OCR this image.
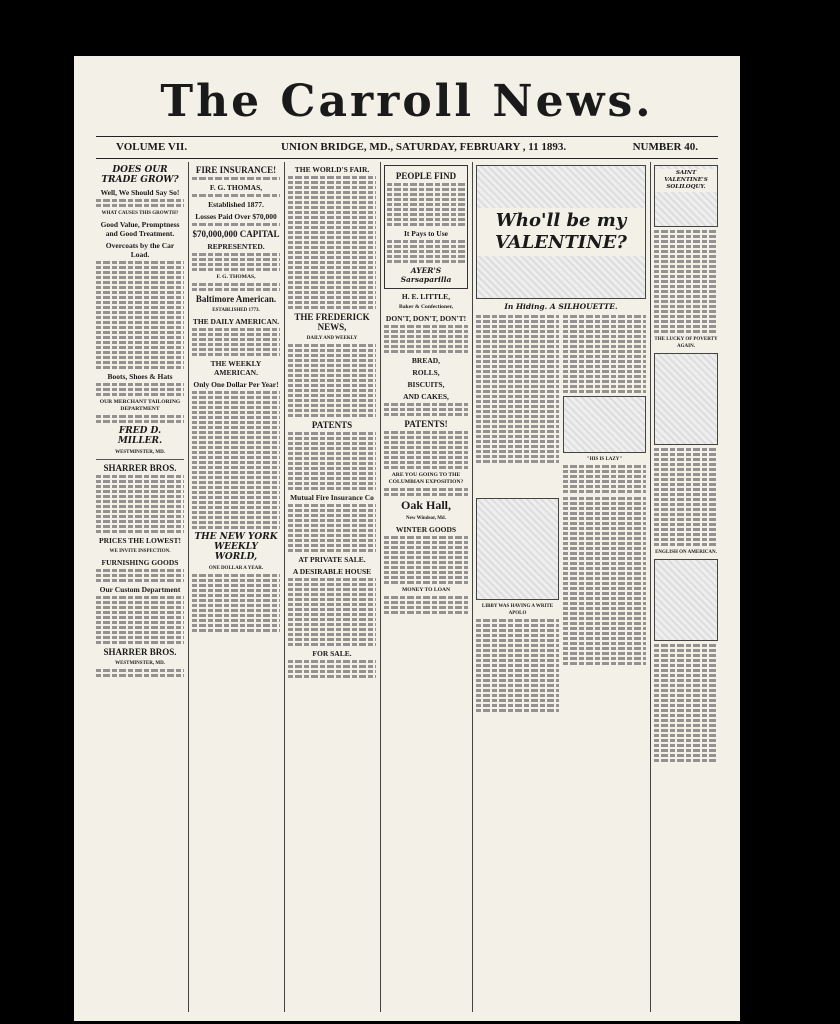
The Carroll News.
VOLUME VII.	UNION BRIDGE, MD., SATURDAY, FEBRUARY , 11 1893.	NUMBER 40.
DOES OUR TRADE GROW?
Well, We Should Say So!
WHAT CAUSES THIS GROWTH?
Good Value, Promptness and Good Treatment.
Overcoats by the Car Load.
Boots, Shoes & Hats
OUR MERCHANT TAILORING DEPARTMENT
FRED D. MILLER.
WESTMINSTER, MD.
SHARRER BROS.
PRICES THE LOWEST!
WE INVITE INSPECTION.
FURNISHING GOODS
Our Custom Department
SHARRER BROS.
WESTMINSTER, MD.
FIRE INSURANCE!
F. G. THOMAS,
Established 1877.
Losses Paid Over $70,000
$70,000,000 CAPITAL
REPRESENTED.
F. G. THOMAS,
Baltimore American.
ESTABLISHED 1773.
THE DAILY AMERICAN.
THE WEEKLY AMERICAN.
Only One Dollar Per Year!
THE NEW YORK WEEKLY WORLD,
ONE DOLLAR A YEAR.
THE WORLD'S FAIR.
THE FREDERICK NEWS,
DAILY AND WEEKLY
PATENTS
Mutual Fire Insurance Co
AT PRIVATE SALE.
A DESIRABLE HOUSE
FOR SALE.
PEOPLE FIND
It Pays to Use
AYER'S Sarsaparilla
H. E. LITTLE,
Baker & Confectioner,
DON'T, DON'T, DON'T!
BREAD,
ROLLS,
BISCUITS,
AND CAKES,
PATENTS!
ARE YOU GOING TO THE COLUMBIAN EXPOSITION?
Oak Hall,
New Windsor, Md.
WINTER GOODS
MONEY TO LOAN
Who'll be my VALENTINE?
In Hiding. A SILHOUETTE.
"HIS IS LAZY"
LIBBY WAS HAVING A WRITE APOLO
SAINT VALENTINE'S SOLILOQUY.
THE LUCKY OF POVERTY AGAIN.
ENGLISH ON AMERICAN.
